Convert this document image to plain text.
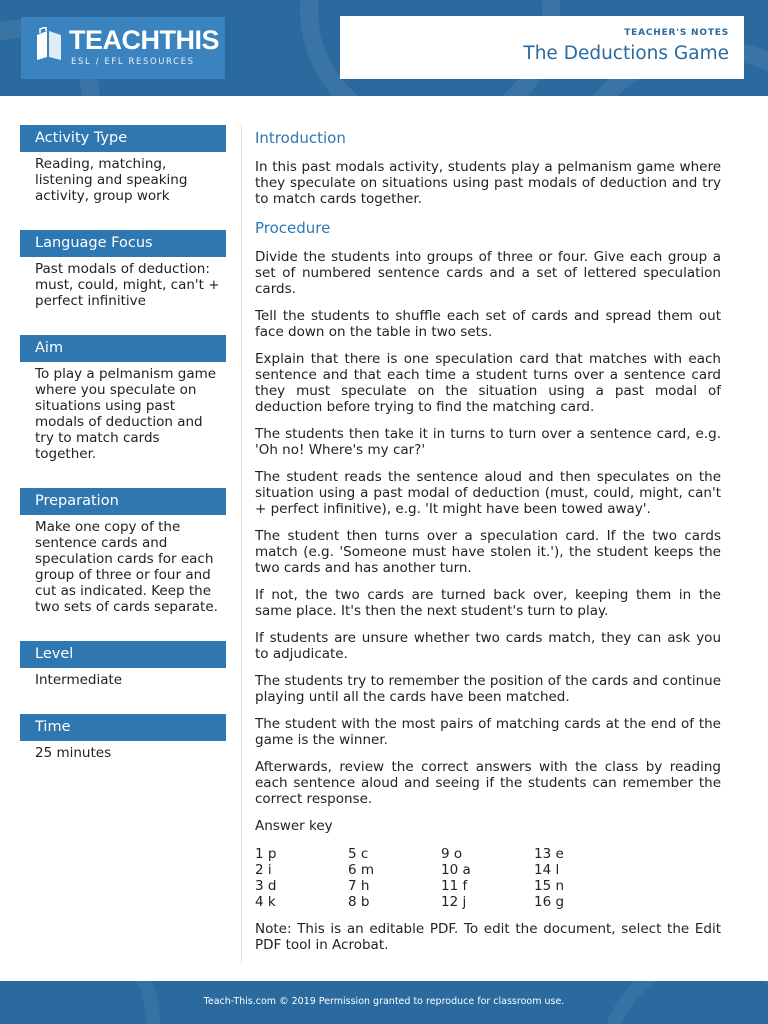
TEACHTHIS
ESL / EFL RESOURCES
TEACHER'S NOTES
The Deductions Game
Activity Type
Reading, matching, listening and speaking activity, group work
Language Focus
Past modals of deduction: must, could, might, can't + perfect infinitive
Aim
To play a pelmanism game where you speculate on situations using past modals of deduction and try to match cards together.
Preparation
Make one copy of the sentence cards and speculation cards for each group of three or four and cut as indicated. Keep the two sets of cards separate.
Level
Intermediate
Time
25 minutes
Introduction

In this past modals activity, students play a pelmanism game where they speculate on situations using past modals of deduction and try to match cards together.

Procedure

Divide the students into groups of three or four. Give each group a set of numbered sentence cards and a set of lettered speculation cards.

Tell the students to shuffle each set of cards and spread them out face down on the table in two sets.

Explain that there is one speculation card that matches with each sentence and that each time a student turns over a sentence card they must speculate on the situation using a past modal of deduction before trying to find the matching card.

The students then take it in turns to turn over a sentence card, e.g. 'Oh no! Where's my car?'

The student reads the sentence aloud and then speculates on the situation using a past modal of deduction (must, could, might, can't + perfect infinitive), e.g. 'It might have been towed away'.

The student then turns over a speculation card. If the two cards match (e.g. 'Someone must have stolen it.'), the student keeps the two cards and has another turn.

If not, the two cards are turned back over, keeping them in the same place. It's then the next student's turn to play.

If students are unsure whether two cards match, they can ask you to adjudicate.

The students try to remember the position of the cards and continue playing until all the cards have been matched.

The student with the most pairs of matching cards at the end of the game is the winner.

Afterwards, review the correct answers with the class by reading each sentence aloud and seeing if the students can remember the correct response.

Answer key

1 p	5 c	9 o	13 e
2 i	6 m	10 a	14 l
3 d	7 h	11 f	15 n
4 k	8 b	12 j	16 g

Note: This is an editable PDF. To edit the document, select the Edit PDF tool in Acrobat.

Teach-This.com © 2019 Permission granted to reproduce for classroom use.
